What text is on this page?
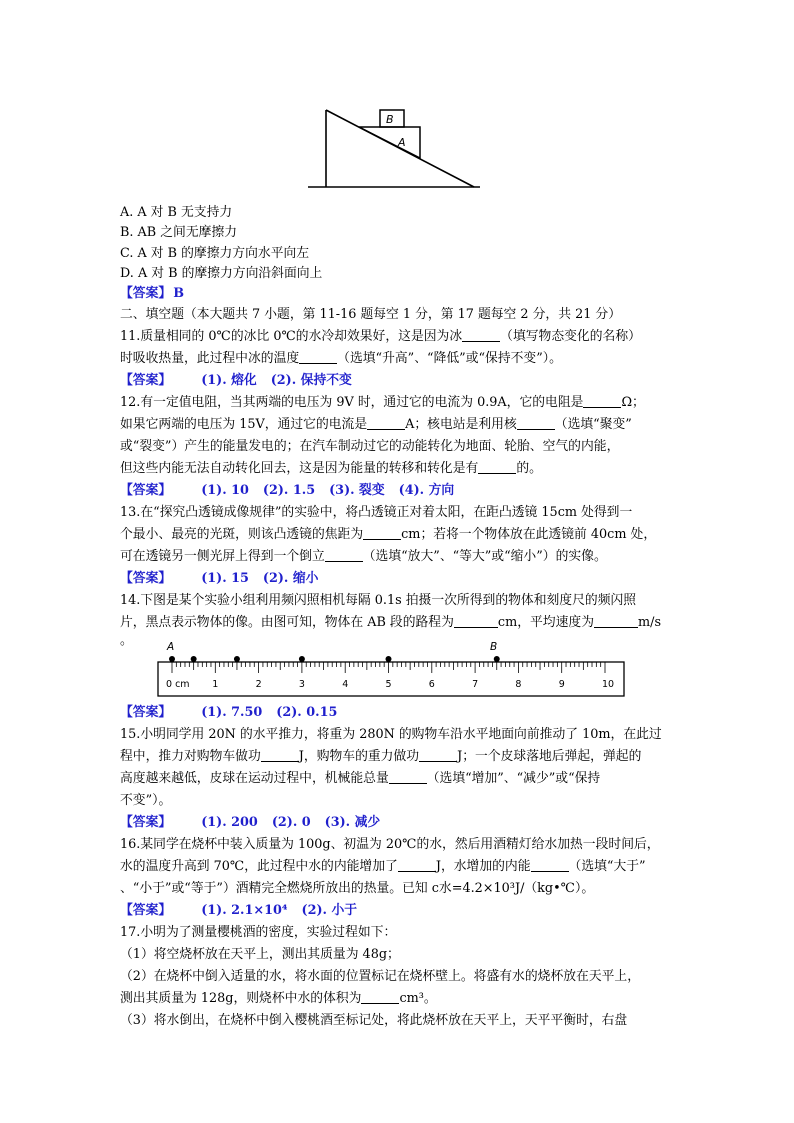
B
A
A. A 对 B 无支持力
B. AB 之间无摩擦力
C. A 对 B 的摩擦力方向水平向左
D. A 对 B 的摩擦力方向沿斜面向上
【答案】 B
二、填空题（本大题共 7 小题，第 11-16 题每空 1 分，第 17 题每空 2 分，共 21 分）
11.质量相同的 0℃的冰比 0℃的水冷却效果好，这是因为冰	（填写物态变化的名称）
时吸收热量，此过程中冰的温度	（选填“升高”、“降低”或“保持不变”）。
【答案】 (1). 熔化 (2). 保持不变
12.有一定值电阻，当其两端的电压为 9V 时，通过它的电流为 0.9A，它的电阻是	Ω；
如果它两端的电压为 15V，通过它的电流是	A；核电站是利用核	（选填“聚变”
或“裂变”）产生的能量发电的；在汽车制动过它的动能转化为地面、轮胎、空气的内能，
但这些内能无法自动转化回去，这是因为能量的转移和转化是有	的。
【答案】 (1). 10 (2). 1.5 (3). 裂变 (4). 方向
13.在“探究凸透镜成像规律”的实验中，将凸透镜正对着太阳，在距凸透镜 15cm 处得到一
个最小、最亮的光斑，则该凸透镜的焦距为	cm；若将一个物体放在此透镜前 40cm 处，
可在透镜另一侧光屏上得到一个倒立	（选填“放大”、“等大”或“缩小”）的实像。
【答案】 (1). 15 (2). 缩小
14.下图是某个实验小组利用频闪照相机每隔 0.1s 拍摄一次所得到的物体和刻度尺的频闪照
片，黑点表示物体的像。由图可知，物体在 AB 段的路程为	cm，平均速度为	m/s
。
0 cm 1	2	3	4	5	6	7	8	9	10
A	B
【答案】 (1). 7.50 (2). 0.15
15.小明同学用 20N 的水平推力，将重为 280N 的购物车沿水平地面向前推动了 10m，在此过
程中，推力对购物车做功	J，购物车的重力做功	J；一个皮球落地后弹起，弹起的
高度越来越低，皮球在运动过程中，机械能总量	（选填“增加”、“减少”或“保持
不变”）。
【答案】 (1). 200 (2). 0 (3). 减少
16.某同学在烧杯中装入质量为 100g、初温为 20℃的水，然后用酒精灯给水加热一段时间后，
水的温度升高到 70℃，此过程中水的内能增加了	J，水增加的内能	（选填“大于”
、“小于”或“等于”）酒精完全燃烧所放出的热量。已知 c水=4.2×10³J/（kg•℃）。
【答案】 (1). 2.1×10⁴ (2). 小于
17.小明为了测量樱桃酒的密度，实验过程如下：
（1）将空烧杯放在天平上，测出其质量为 48g；
（2）在烧杯中倒入适量的水，将水面的位置标记在烧杯壁上。将盛有水的烧杯放在天平上，
测出其质量为 128g，则烧杯中水的体积为	cm³。
（3）将水倒出，在烧杯中倒入樱桃酒至标记处，将此烧杯放在天平上，天平平衡时，右盘
